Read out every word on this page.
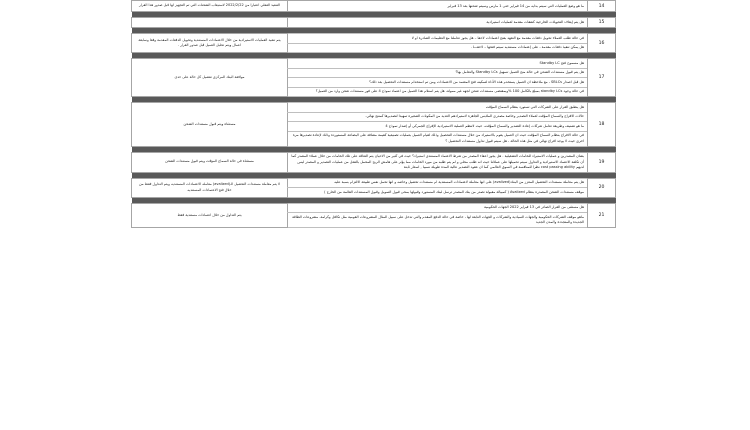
14	ما هو وضع العمليات التي سيتم بدايه من 14 فبراير حتى 1 مارس وسيتم شحنها بعد 13 فبراير	التنفيذ الفعلي اعتبارا من 2022/2/22 لاستيعاب الشحنات التي تم التجهيز لها قبل صدور هذا القرار

15	هل يتم إيقاف التحويلات الخارجية كنفقات مقدمة لعمليات استيرادية	

16	في حالة طلب العملاء تحويل دفعات مقدمة مع التعهد بفتح اعتمادات لاحقا – هل يجوز تعاملنا مع التعليمات الصادرة او لا	يتم تنفيذ العمليات الاستيرادية من خلال الاعتمادات المستندية وتحويل الدفعات المقدمة وفقا وسابقة اعمال ويتم تحليل العميل قبل صدور القرار .
	هل يمكن تنفيذ دفعات مقدمة ، على إعتمادات مستنديه سيتم فتحها – لاحقـــا .	

17	هل مسموح فتح Standby LC	موافقة البنك المركزي تفصيل كل حالة على حدى
	هل يتم قبول مستندات الشحن في حالة منح العميل تسهيل Standby LCs والتعامل بها؟	
	هل قبل اصدار SBLCs ، مع ملاحظة ان العميل يستخدم هذه الأداة لتمكينه فتح المعتمد من الاعتمادات ومن تم استخدام مستندات التحصيل بعد ذلك؟	
	في حالة وجود standby LCs بمبلغ بالكامل 100 %وبمقتضى مستندات شحن لجهه غير ممولة، هل يتم استلام هذا العميل من اعتماد نموذج 4 على فور مستندات شحن وارد من العميل؟	

18	هل ينطبق القرار على الشركات التي تستورد بنظام السماح المؤقت	مستثناة ويتم قبول مستندات الشحن
	حالات الافراج والسماح المؤقت لعملاء التصدير وخاصة مصدري الملابس الجاهزة لاستيرادهم العديد من المكونات الصغيرة تمهيدا لتصديرها كمنتج نهائي.	
	ما هو تصنيف وطريقة تعامل شركات إعادة التصدير والسماح المؤقت، حيث لاتنظم العملية الاستيرادية الإفراج الجمركي أو إصدار نموذج 4	
	في حالة الافراج بنظام السماح المؤقت حيث ان العميل يقوم بالاستيراد من خلال مستندات التحصيل وذلك لقيام العميل بعمليات تصنيعية كقيمة مضافة على البضاعة المستوردة وذلك لإعادة تصديرها مرة اخرى حيث لا يوجد افراج نهائي في مثل هذه الحالة ، هل سيتم قبول تداول مستندات التحصيل ؟	

19	بشان المصدرين و عمليات الاستيراد للخامات التشغيلية . هل يجوز اعفاء المصدر من شرط الاعتماد المستندي استيراد؟ حيث في كثير من الاحيان يتم التعاقد على تلك الخامات من خلال عملاء المصدر كما أن تكلفة الاعتماد الاستيرادية و التداول سيتم تحميلها على عملائنا حيث انه طلب محلي و لم يتم طلبه من مورد الخامات مما يؤثر على هامش الربح المحمل بالفعل من عمليات التصدير و المصدر ليس لديهم cost passing ability نظرا للمنافسة في السوق العالمي كما ان عقود التصدير عالية المدة طويلة نسبيا , اسعار ثابتة	مستثناة في حالة السماح المؤقت ويتم قبول مستندات الشحن

20	هل يتم معاملة مستندات التحصيل المعزز من البنك(avalized) على انها معاملة لاعتمادات المستندية ام مستندات تحصيل وخاصه و انها تحمل نفس طبيعة الالتزام بسبة عليه	لا يتم معاملة مستندات التحصيل الـ(avalized) معامله الاعتمادات المستنديه ويتم التداول فقط من خلال فتح الاعتمادات المستنديه
	موقف مستندات الشحن المصدرة بنظام Avalized ( كمبيالة مقبولة تصدر من بنك المصدر ترسل لبنك المستورد وقبولها بمحى قبول التمويل وقبول المستندات القائمة من الخارج )	

21	هل مستثنى من القرار الصادر في 13 فبراير 2022 الجهات الحكومية	يتم التداول من خلال اعتمادات مستندية فقط
	ماهو موقف الشركات الحكومية والجهات السيادية والشركات و الجهات التابعة لها ، خاصة في حالة الدفع المقدم والتي تدخل على سبيل المثال المشروعات القومية مثل تكافل وكرامة، مشروعات الطاقة الجديدة والمتجددة والمدن الجديد	
